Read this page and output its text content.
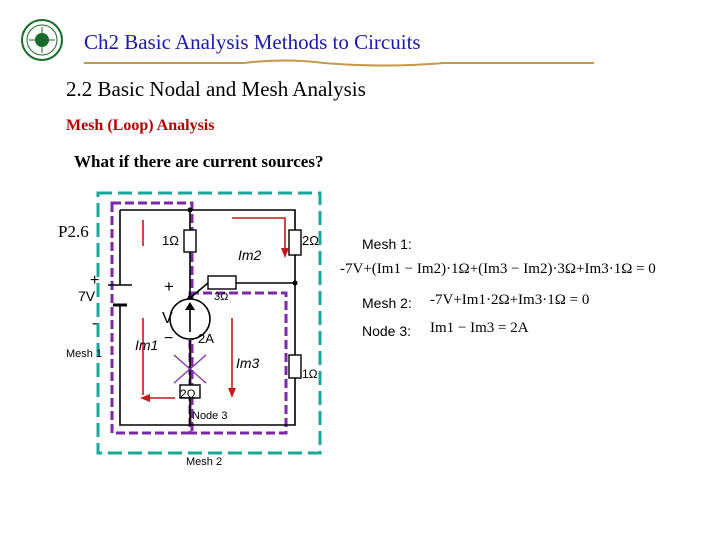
Ch2 Basic Analysis Methods to Circuits
2.2 Basic Nodal and Mesh Analysis
Mesh (Loop) Analysis
What if there are current sources?
P2.6	1Ω	2Ω
3Ω
2Ω
1Ω
7V
+
-
+
V
− 2A
Im1
Im2
Im3
Mesh 1
Node 3
Mesh 2
Mesh 1:
-7V+(Im1 − Im2)·1Ω+(Im3 − Im2)·3Ω+Im3·1Ω = 0
Mesh 2: -7V+Im1·2Ω+Im3·1Ω = 0
Node 3: Im1 − Im3 = 2A
